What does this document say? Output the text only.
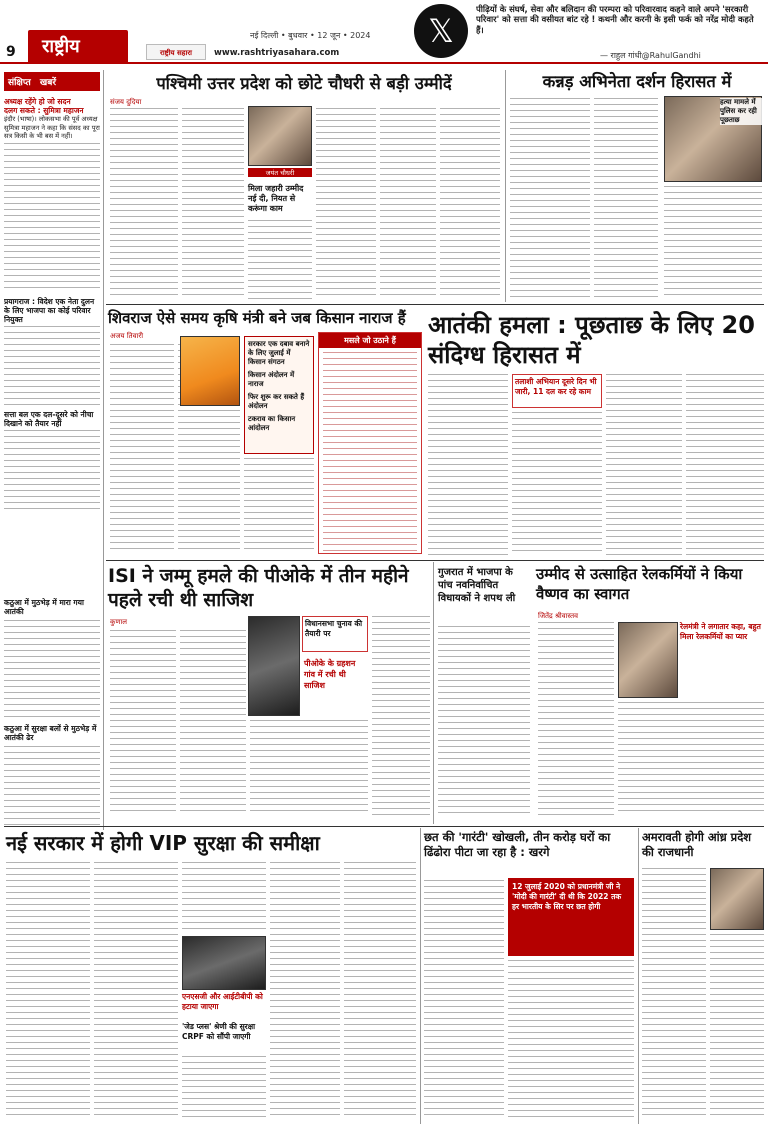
9 राष्ट्रीय
नई दिल्ली • बुधवार • 12 जून • 2024
राष्ट्रीय सहारा	www.rashtriyasahara.com
𝕏
पीढ़ियों के संघर्ष, सेवा और बलिदान की परम्परा को परिवारवाद कहने वाले अपने 'सरकारी परिवार' को सत्ता की वसीयत बांट रहे ! कथनी और करनी के इसी फर्क को नरेंद्र मोदी कहते हैं।
— राहुल गांधी@RahulGandhi
संक्षिप्त खबरें
अध्यक्ष रहेंगे हो जो सदन
दलग सकते : सुमित्रा महाजन
इंदौर (भाषा)। लोकसभा की पूर्व अध्यक्ष सुमित्रा महाजन ने कहा कि संसद का पूरा सत्र किसी के भी बस में नहीं।
प्रयागराज : विदेश एक नेता दुलन के लिए भाजपा का कोई परिवार नियुक्त
सत्ता बल एक दल-दूसरे को नीचा दिखाने को तैयार नहीं
कठुआ में मुठभेड़ में मारा गया आतंकी
कठुआ में सुरक्षा बलों से मुठभेड़ में आतंकी ढेर
पश्चिमी उत्तर प्रदेश को छोटे चौधरी से बड़ी उम्मीदें
संजय दुदिया
जयंत चौधरी
मिला जहारी उम्मीद नई दी, नियत से करूंगा काम
कन्नड़ अभिनेता दर्शन हिरासत में
हत्या मामले में पुलिस कर रही पूछताछ
शिवराज ऐसे समय कृषि मंत्री बने जब किसान नाराज हैं
अजय तिवारी
सरकार एक दबाव बनाने के लिए जुलाई में किसान संगठन
किसान अंदोलन में नाराज
फिर शुरू कर सकते हैं अंदोलन
टकराव का किसान आंदोलन
मसले जो उठाने हैं
आतंकी हमला : पूछताछ के लिए 20 संदिग्ध हिरासत में
तलाशी अभियान दूसरे दिन भी जारी, 11 दल कर रहे काम
ISI ने जम्मू हमले की पीओके में तीन महीने पहले रची थी साजिश
कुणाल	विधानसभा चुनाव की तैयारी पर
पीओके के ग्रहशन गांव में रची थी साजिश
गुजरात में भाजपा के पांच नवनिर्वाचित विधायकों ने शपथ ली
उम्मीद से उत्साहित रेलकर्मियों ने किया वैष्णव का स्वागत
जितेंद्र श्रीवास्तव
रेलमंत्री ने लगातार कहा, बहुत मिला रेलकर्मियों का प्यार
नई सरकार में होगी VIP सुरक्षा की समीक्षा
एनएसजी और आईटीबीपी को हटाया जाएगा
'जेड प्लस' श्रेणी की सुरक्षा CRPF को सौंपी जाएगी
छत की 'गारंटी' खोखली, तीन करोड़ घरों का ढिंढोरा पीटा जा रहा है : खरगे
12 जुलाई 2020 को प्रधानमंत्री जी ने 'मोदी की गारंटी' दी थी कि 2022 तक हर भारतीय के सिर पर छत होगी
अमरावती होगी आंध्र प्रदेश की राजधानी
